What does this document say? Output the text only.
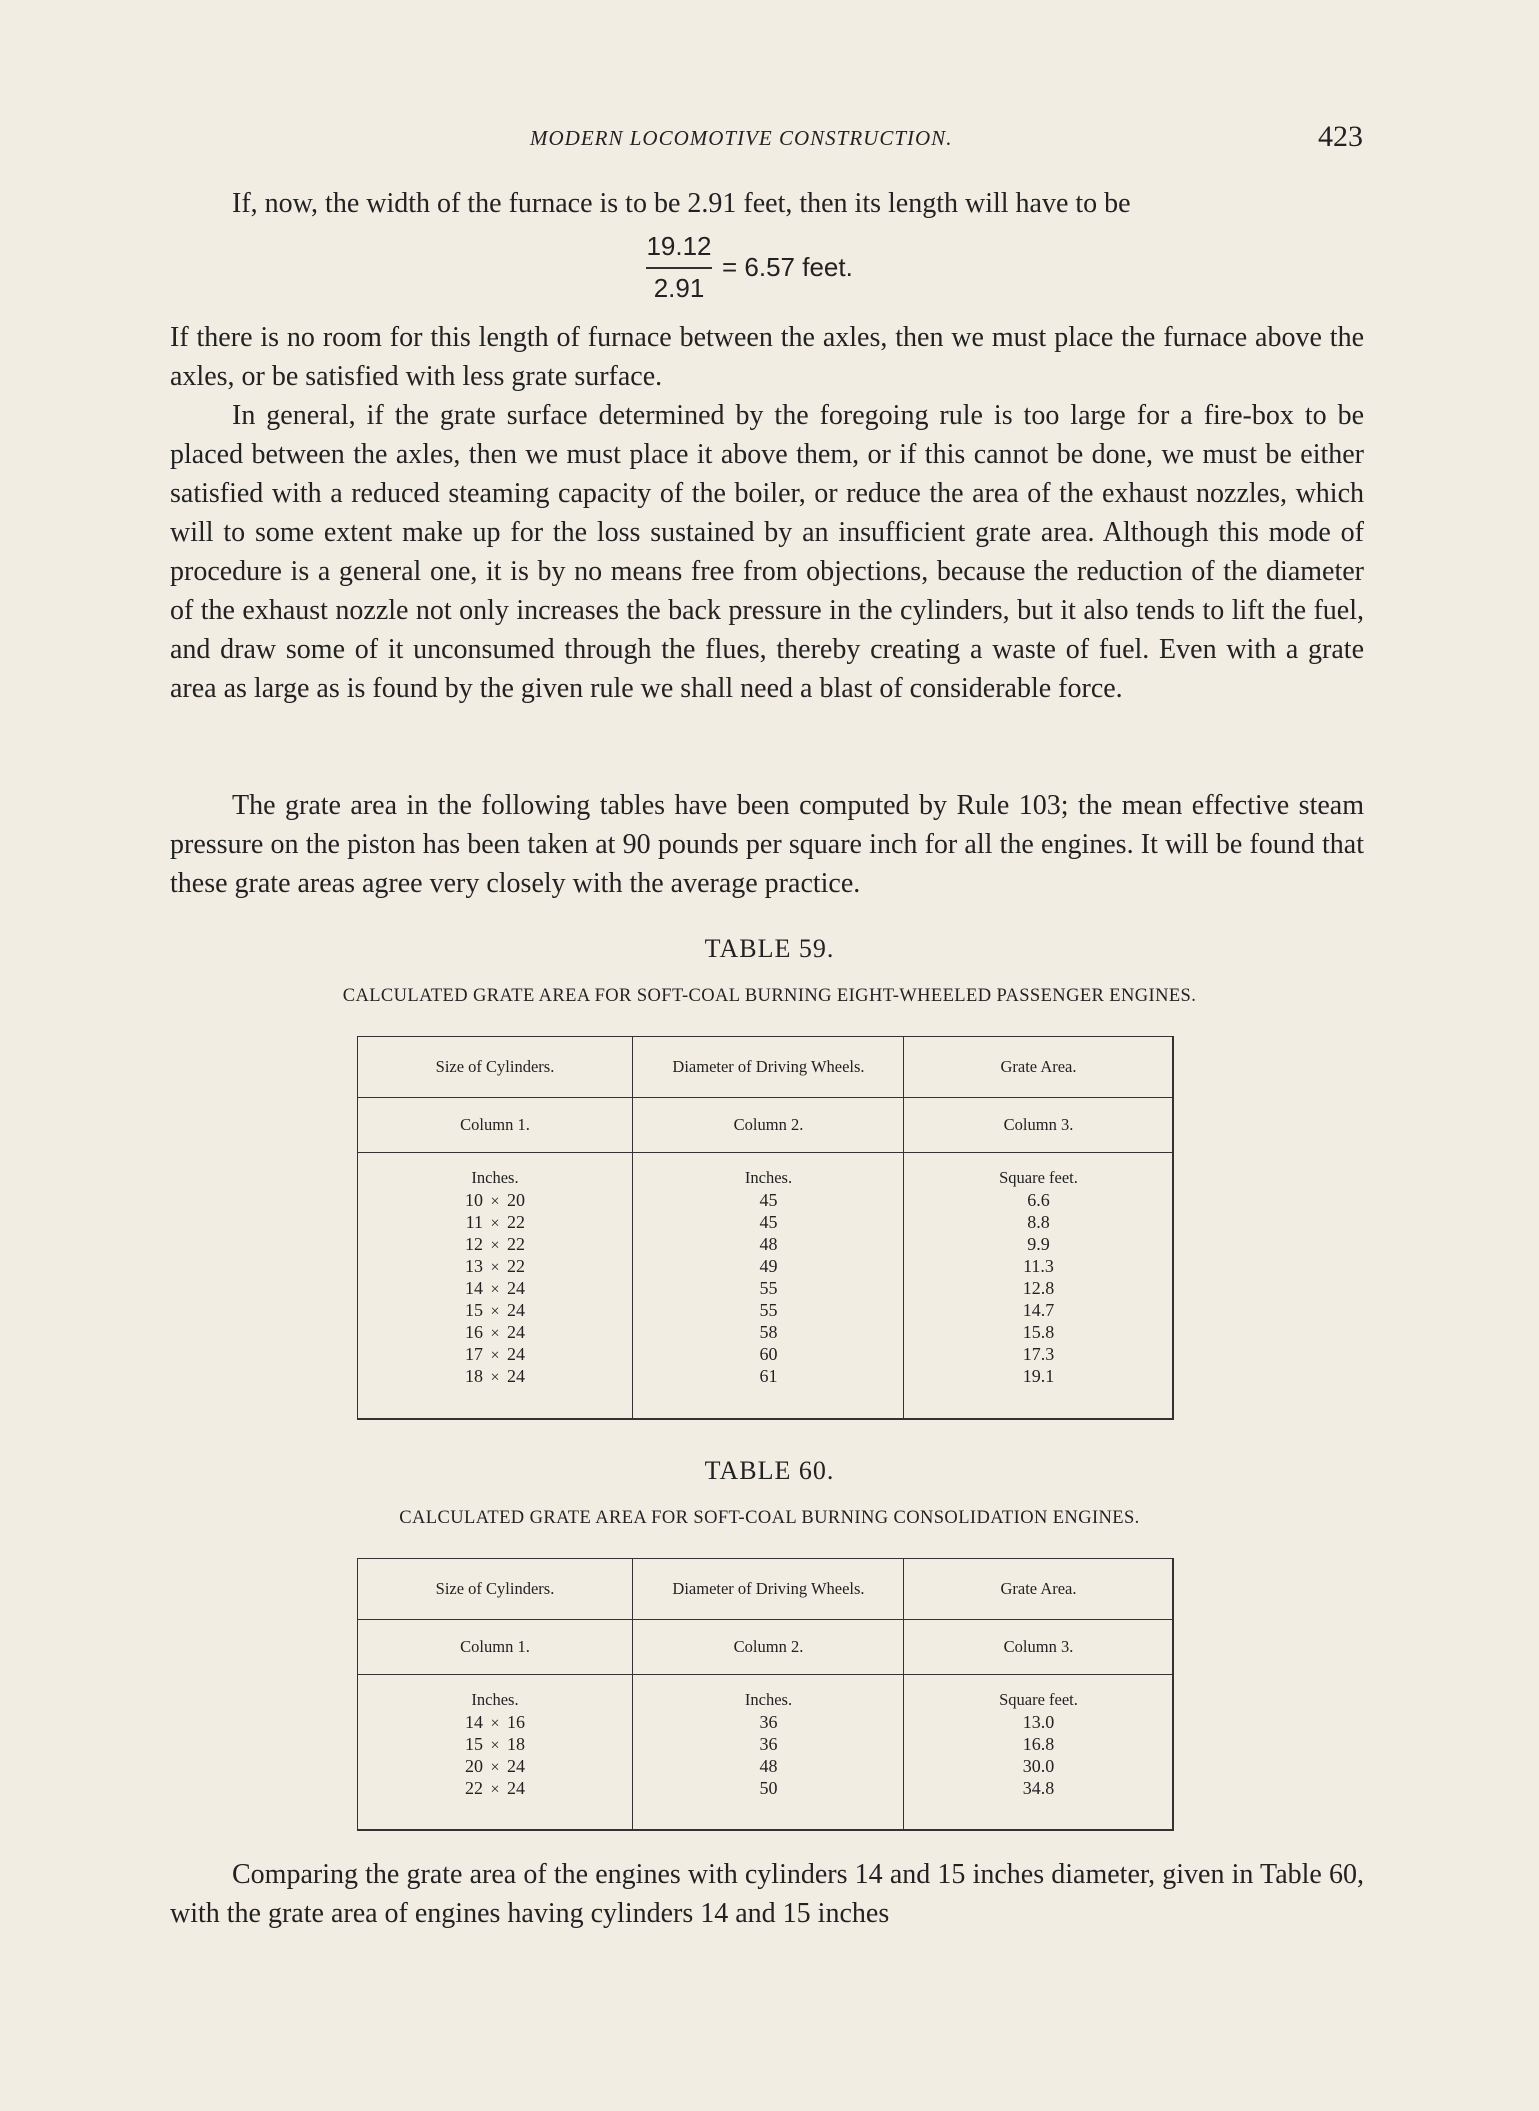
MODERN LOCOMOTIVE CONSTRUCTION.	423

If, now, the width of the furnace is to be 2.91 feet, then its length will have to be

19.12
2.91
= 6.57 feet.

If there is no room for this length of furnace between the axles, then we must place the furnace above the axles, or be satisfied with less grate surface.

In general, if the grate surface determined by the foregoing rule is too large for a fire-box to be placed between the axles, then we must place it above them, or if this cannot be done, we must be either satisfied with a reduced steaming capacity of the boiler, or reduce the area of the exhaust nozzles, which will to some extent make up for the loss sustained by an insufficient grate area. Although this mode of procedure is a general one, it is by no means free from objections, because the reduction of the diameter of the exhaust nozzle not only increases the back pressure in the cylinders, but it also tends to lift the fuel, and draw some of it unconsumed through the flues, thereby creating a waste of fuel. Even with a grate area as large as is found by the given rule we shall need a blast of considerable force.

The grate area in the following tables have been computed by Rule 103; the mean effective steam pressure on the piston has been taken at 90 pounds per square inch for all the engines. It will be found that these grate areas agree very closely with the average practice.

TABLE 59.
CALCULATED GRATE AREA FOR SOFT-COAL BURNING EIGHT-WHEELED PASSENGER ENGINES.
Size of Cylinders.
Column 1.
Inches.
10 × 20
11 × 22
12 × 22
13 × 22
14 × 24
15 × 24
16 × 24
17 × 24
18 × 24
Diameter of Driving Wheels.
Column 2.
Inches.
45
45
48
49
55
55
58
60
61
Grate Area.
Column 3.
Square feet.
6.6
8.8
9.9
11.3
12.8
14.7
15.8
17.3
19.1
TABLE 60.
CALCULATED GRATE AREA FOR SOFT-COAL BURNING CONSOLIDATION ENGINES.
Size of Cylinders.
Column 1.
Inches.
14 × 16
15 × 18
20 × 24
22 × 24
Diameter of Driving Wheels.
Column 2.
Inches.
36
36
48
50
Grate Area.
Column 3.
Square feet.
13.0
16.8
30.0
34.8

Comparing the grate area of the engines with cylinders 14 and 15 inches diameter, given in Table 60, with the grate area of engines having cylinders 14 and 15 inches
